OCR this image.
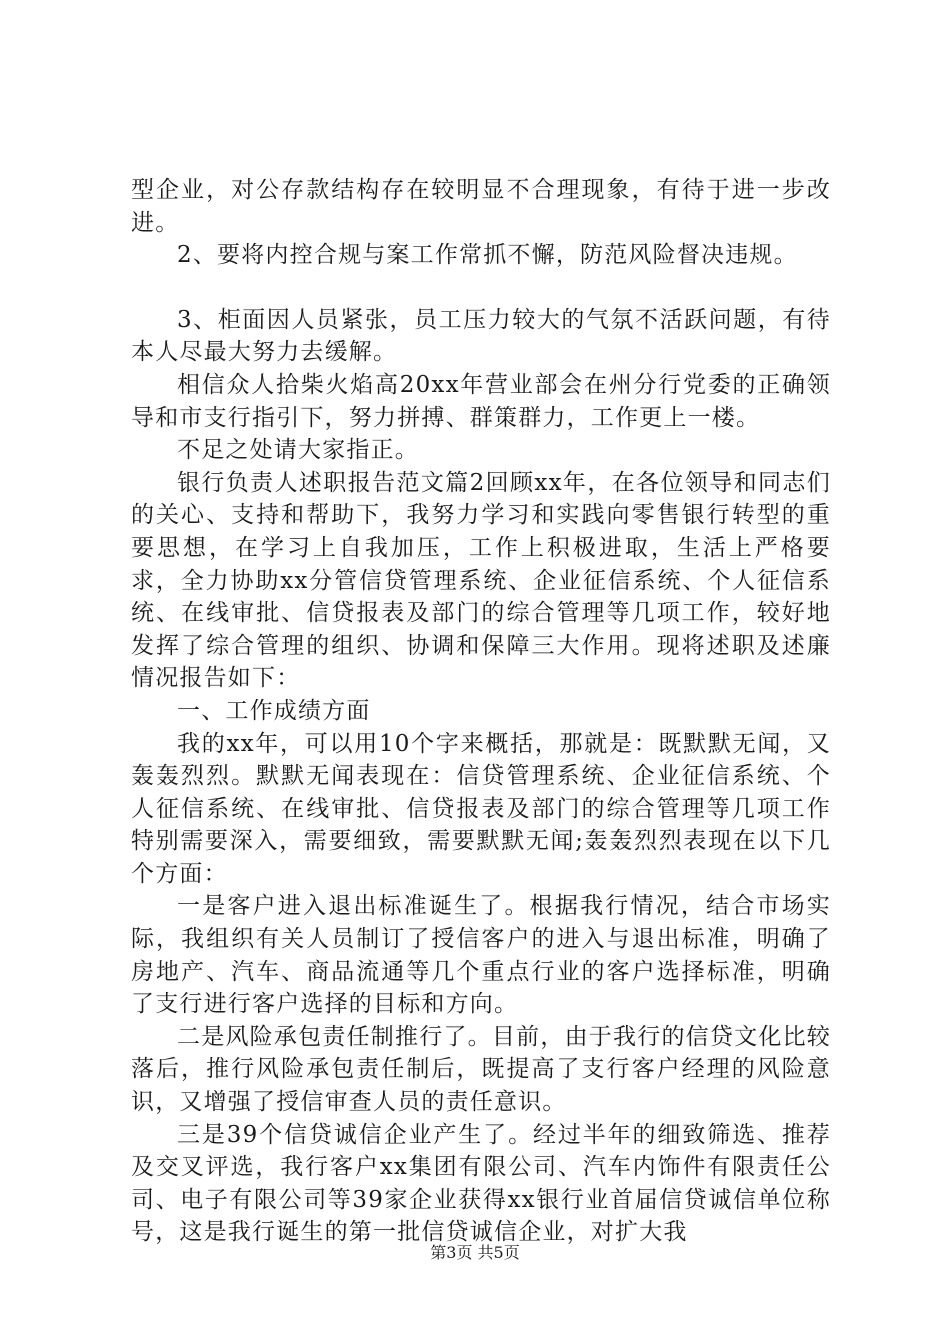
型企业，对公存款结构存在较明显不合理现象，有待于进一步改进。

2、要将内控合规与案工作常抓不懈，防范风险督决违规。

3、柜面因人员紧张，员工压力较大的气氛不活跃问题，有待本人尽最大努力去缓解。

相信众人拾柴火焰高20xx年营业部会在州分行党委的正确领导和市支行指引下，努力拼搏、群策群力，工作更上一楼。

不足之处请大家指正。

银行负责人述职报告范文篇2回顾xx年，在各位领导和同志们的关心、支持和帮助下，我努力学习和实践向零售银行转型的重要思想，在学习上自我加压，工作上积极进取，生活上严格要求，全力协助xx分管信贷管理系统、企业征信系统、个人征信系统、在线审批、信贷报表及部门的综合管理等几项工作，较好地发挥了综合管理的组织、协调和保障三大作用。现将述职及述廉情况报告如下：

一、工作成绩方面

我的xx年，可以用10个字来概括，那就是：既默默无闻，又轰轰烈烈。默默无闻表现在：信贷管理系统、企业征信系统、个人征信系统、在线审批、信贷报表及部门的综合管理等几项工作特别需要深入，需要细致，需要默默无闻;轰轰烈烈表现在以下几个方面：

一是客户进入退出标准诞生了。根据我行情况，结合市场实际，我组织有关人员制订了授信客户的进入与退出标准，明确了房地产、汽车、商品流通等几个重点行业的客户选择标准，明确了支行进行客户选择的目标和方向。

二是风险承包责任制推行了。目前，由于我行的信贷文化比较落后，推行风险承包责任制后，既提高了支行客户经理的风险意识，又增强了授信审查人员的责任意识。

三是39个信贷诚信企业产生了。经过半年的细致筛选、推荐及交叉评选，我行客户xx集团有限公司、汽车内饰件有限责任公司、电子有限公司等39家企业获得xx银行业首届信贷诚信单位称号，这是我行诞生的第一批信贷诚信企业，对扩大我

第3页 共5页
